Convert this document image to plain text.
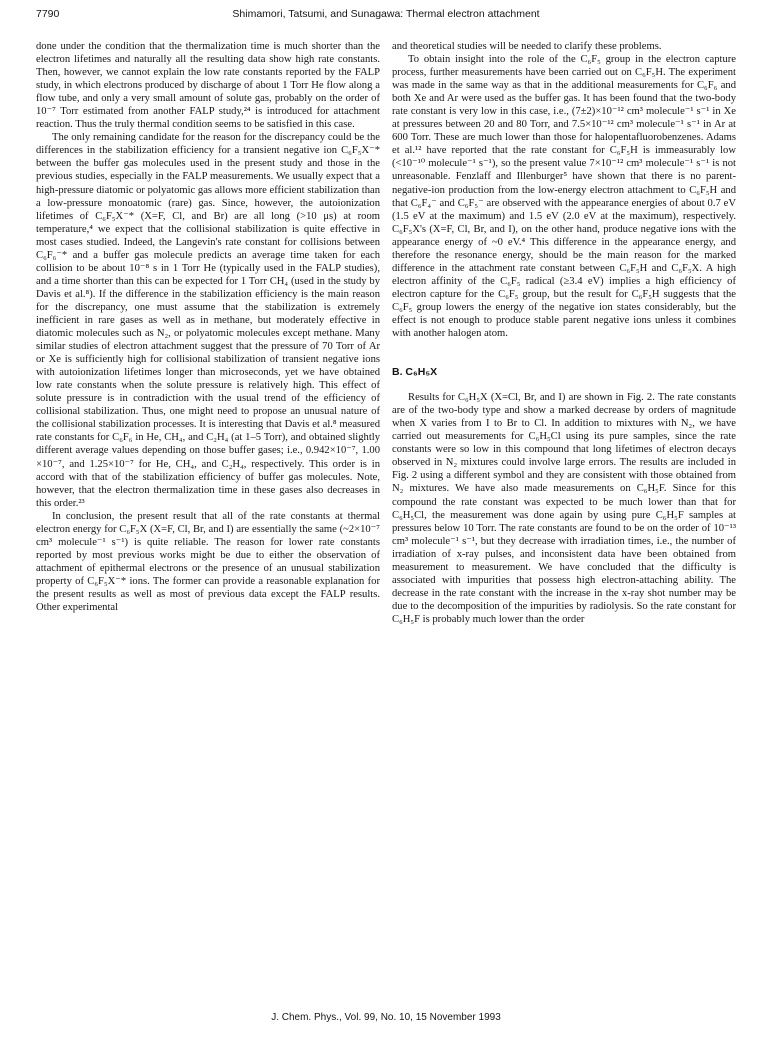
7790	Shimamori, Tatsumi, and Sunagawa: Thermal electron attachment

done under the condition that the thermalization time is much shorter than the electron lifetimes and naturally all the resulting data show high rate constants. Then, however, we cannot explain the low rate constants reported by the FALP study, in which electrons produced by discharge of about 1 Torr He flow along a flow tube, and only a very small amount of solute gas, probably on the order of 10⁻⁷ Torr estimated from another FALP study,²⁴ is introduced for attachment reaction. Thus the truly thermal condition seems to be satisfied in this case.

The only remaining candidate for the reason for the discrepancy could be the differences in the stabilization efficiency for a transient negative ion C₆F₅X⁻* between the buffer gas molecules used in the present study and those in the previous studies, especially in the FALP measurements. We usually expect that a high-pressure diatomic or polyatomic gas allows more efficient stabilization than a low-pressure monoatomic (rare) gas. Since, however, the autoionization lifetimes of C₆F₅X⁻* (X=F, Cl, and Br) are all long (>10 μs) at room temperature,⁴ we expect that the collisional stabilization is quite effective in most cases studied. Indeed, the Langevin's rate constant for collisions between C₆F₆⁻* and a buffer gas molecule predicts an average time taken for each collision to be about 10⁻⁸ s in 1 Torr He (typically used in the FALP studies), and a time shorter than this can be expected for 1 Torr CH₄ (used in the study by Davis et al.⁸). If the difference in the stabilization efficiency is the main reason for the discrepancy, one must assume that the stabilization is extremely inefficient in rare gases as well as in methane, but moderately effective in diatomic molecules such as N₂, or polyatomic molecules except methane. Many similar studies of electron attachment suggest that the pressure of 70 Torr of Ar or Xe is sufficiently high for collisional stabilization of transient negative ions with autoionization lifetimes longer than microseconds, yet we have obtained low rate constants when the solute pressure is relatively high. This effect of solute pressure is in contradiction with the usual trend of the efficiency of collisional stabilization. Thus, one might need to propose an unusual nature of the collisional stabilization processes. It is interesting that Davis et al.⁸ measured rate constants for C₆F₆ in He, CH₄, and C₂H₄ (at 1–5 Torr), and obtained slightly different average values depending on those buffer gases; i.e., 0.942×10⁻⁷, 1.00 ×10⁻⁷, and 1.25×10⁻⁷ for He, CH₄, and C₂H₄, respectively. This order is in accord with that of the stabilization efficiency of buffer gas molecules. Note, however, that the electron thermalization time in these gases also decreases in this order.²³

In conclusion, the present result that all of the rate constants at thermal electron energy for C₆F₅X (X=F, Cl, Br, and I) are essentially the same (~2×10⁻⁷ cm³ molecule⁻¹ s⁻¹) is quite reliable. The reason for lower rate constants reported by most previous works might be due to either the observation of attachment of epithermal electrons or the presence of an unusual stabilization property of C₆F₅X⁻* ions. The former can provide a reasonable explanation for the present results as well as most of previous data except the FALP results. Other experimental

and theoretical studies will be needed to clarify these problems.

To obtain insight into the role of the C₆F₅ group in the electron capture process, further measurements have been carried out on C₆F₅H. The experiment was made in the same way as that in the additional measurements for C₆F₆ and both Xe and Ar were used as the buffer gas. It has been found that the two-body rate constant is very low in this case, i.e., (7±2)×10⁻¹² cm³ molecule⁻¹ s⁻¹ in Xe at pressures between 20 and 80 Torr, and 7.5×10⁻¹² cm³ molecule⁻¹ s⁻¹ in Ar at 600 Torr. These are much lower than those for halopentafluorobenzenes. Adams et al.¹² have reported that the rate constant for C₆F₅H is immeasurably low (<10⁻¹⁰ molecule⁻¹ s⁻¹), so the present value 7×10⁻¹² cm³ molecule⁻¹ s⁻¹ is not unreasonable. Fenzlaff and Illenburger⁵ have shown that there is no parent-negative-ion production from the low-energy electron attachment to C₆F₅H and that C₆F₄⁻ and C₆F₅⁻ are observed with the appearance energies of about 0.7 eV (1.5 eV at the maximum) and 1.5 eV (2.0 eV at the maximum), respectively. C₆F₅X's (X=F, Cl, Br, and I), on the other hand, produce negative ions with the appearance energy of ~0 eV.⁴ This difference in the appearance energy, and therefore the resonance energy, should be the main reason for the marked difference in the attachment rate constant between C₆F₅H and C₆F₅X. A high electron affinity of the C₆F₅ radical (≥3.4 eV) implies a high efficiency of electron capture for the C₆F₅ group, but the result for C₆F₅H suggests that the C₆F₅ group lowers the energy of the negative ion states considerably, but the effect is not enough to produce stable parent negative ions unless it combines with another halogen atom.

B. C₆H₅X

Results for C₆H₅X (X=Cl, Br, and I) are shown in Fig. 2. The rate constants are of the two-body type and show a marked decrease by orders of magnitude when X varies from I to Br to Cl. In addition to mixtures with N₂, we have carried out measurements for C₆H₅Cl using its pure samples, since the rate constants were so low in this compound that long lifetimes of electron decays observed in N₂ mixtures could involve large errors. The results are included in Fig. 2 using a different symbol and they are consistent with those obtained from N₂ mixtures. We have also made measurements on C₆H₅F. Since for this compound the rate constant was expected to be much lower than that for C₆H₅Cl, the measurement was done again by using pure C₆H₅F samples at pressures below 10 Torr. The rate constants are found to be on the order of 10⁻¹³ cm³ molecule⁻¹ s⁻¹, but they decrease with irradiation times, i.e., the number of irradiation of x-ray pulses, and inconsistent data have been obtained from measurement to measurement. We have concluded that the difficulty is associated with impurities that possess high electron-attaching ability. The decrease in the rate constant with the increase in the x-ray shot number may be due to the decomposition of the impurities by radiolysis. So the rate constant for C₆H₅F is probably much lower than the order

J. Chem. Phys., Vol. 99, No. 10, 15 November 1993
